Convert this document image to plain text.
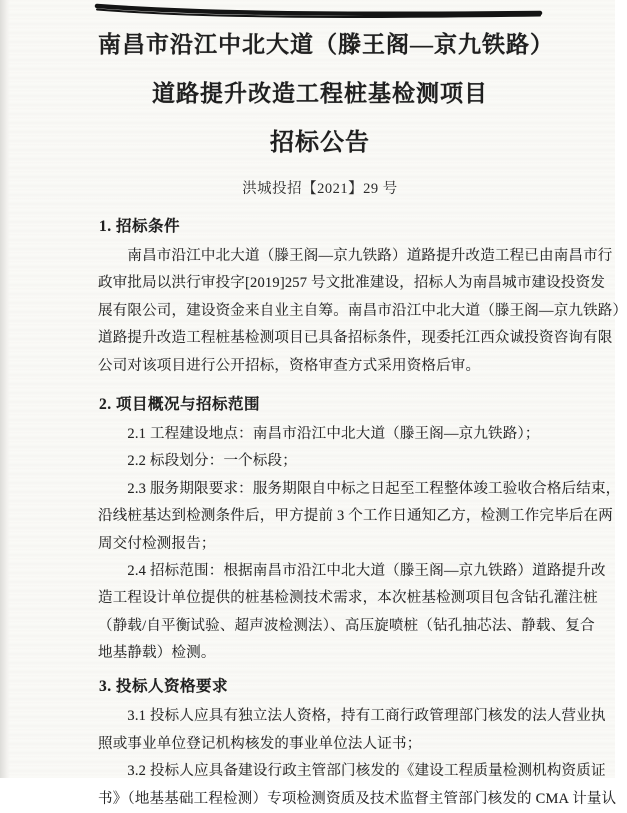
南昌市沿江中北大道（滕王阁—京九铁路）
道路提升改造工程桩基检测项目
招标公告
洪城投招【2021】29 号
1. 招标条件
　　南昌市沿江中北大道（滕王阁—京九铁路）道路提升改造工程已由南昌市行
政审批局以洪行审投字[2019]257 号文批准建设，招标人为南昌城市建设投资发
展有限公司，建设资金来自业主自筹。南昌市沿江中北大道（滕王阁—京九铁路）
道路提升改造工程桩基检测项目已具备招标条件，现委托江西众诚投资咨询有限
公司对该项目进行公开招标，资格审查方式采用资格后审。
2. 项目概况与招标范围
　　2.1 工程建设地点：南昌市沿江中北大道（滕王阁—京九铁路）；
　　2.2 标段划分：一个标段；
　　2.3 服务期限要求：服务期限自中标之日起至工程整体竣工验收合格后结束，
沿线桩基达到检测条件后，甲方提前 3 个工作日通知乙方，检测工作完毕后在两
周交付检测报告；
　　2.4 招标范围：根据南昌市沿江中北大道（滕王阁—京九铁路）道路提升改
造工程设计单位提供的桩基检测技术需求，本次桩基检测项目包含钻孔灌注桩
（静载/自平衡试验、超声波检测法）、高压旋喷桩（钻孔抽芯法、静载、复合
地基静载）检测。
3. 投标人资格要求
　　3.1 投标人应具有独立法人资格，持有工商行政管理部门核发的法人营业执
照或事业单位登记机构核发的事业单位法人证书；
　　3.2 投标人应具备建设行政主管部门核发的《建设工程质量检测机构资质证
书》（地基基础工程检测）专项检测资质及技术监督主管部门核发的 CMA 计量认
